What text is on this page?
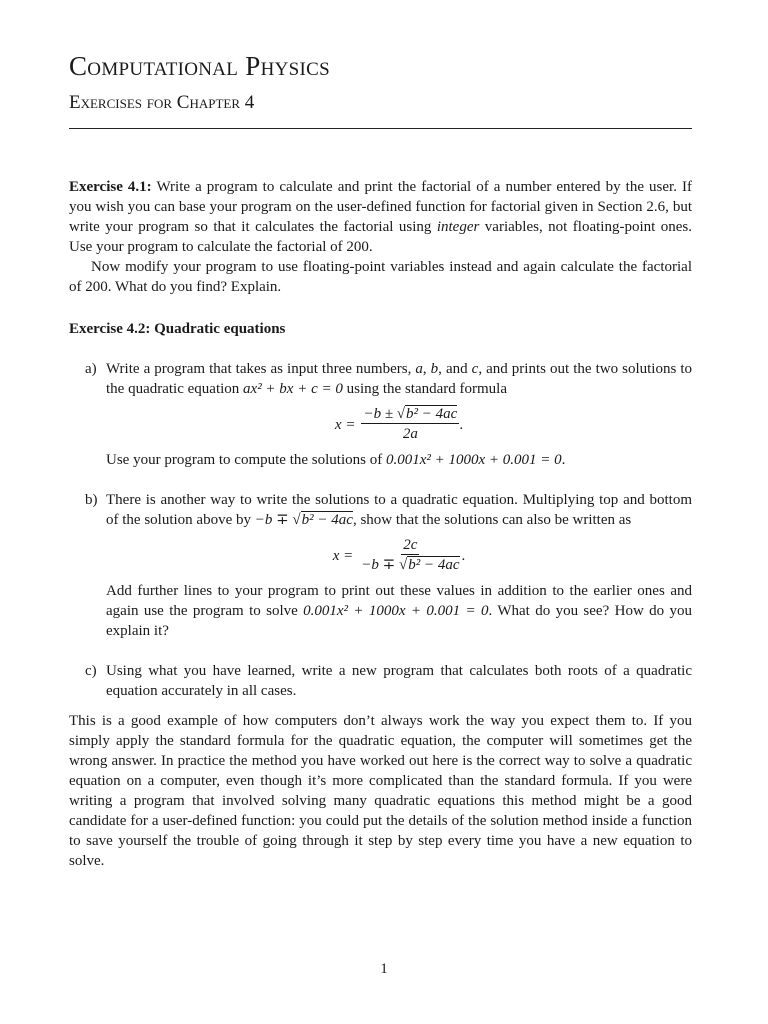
Computational Physics
Exercises for Chapter 4

Exercise 4.1: Write a program to calculate and print the factorial of a number entered by the user. If you wish you can base your program on the user-defined function for factorial given in Section 2.6, but write your program so that it calculates the factorial using integer variables, not floating-point ones. Use your program to calculate the factorial of 200.

Now modify your program to use floating-point variables instead and again calculate the factorial of 200. What do you find? Explain.

Exercise 4.2: Quadratic equations

a) Write a program that takes as input three numbers, a, b, and c, and prints out the two solutions to the quadratic equation ax² + bx + c = 0 using the standard formula

$x = \frac{\text{−b ± √b² − 4ac}}{2a}$ .

Use your program to compute the solutions of 0.001x² + 1000x + 0.001 = 0.

b) There is another way to write the solutions to a quadratic equation. Multiplying top and bottom of the solution above by −b ∓ √b² − 4ac, show that the solutions can also be written as

$x = \frac{2c}{\text{−b ∓ √b² − 4ac}}$ .

Add further lines to your program to print out these values in addition to the earlier ones and again use the program to solve 0.001x² + 1000x + 0.001 = 0. What do you see? How do you explain it?

c) Using what you have learned, write a new program that calculates both roots of a quadratic equation accurately in all cases.

This is a good example of how computers don’t always work the way you expect them to. If you simply apply the standard formula for the quadratic equation, the computer will sometimes get the wrong answer. In practice the method you have worked out here is the correct way to solve a quadratic equation on a computer, even though it’s more complicated than the standard formula. If you were writing a program that involved solving many quadratic equations this method might be a good candidate for a user-defined function: you could put the details of the solution method inside a function to save yourself the trouble of going through it step by step every time you have a new equation to solve.

1
